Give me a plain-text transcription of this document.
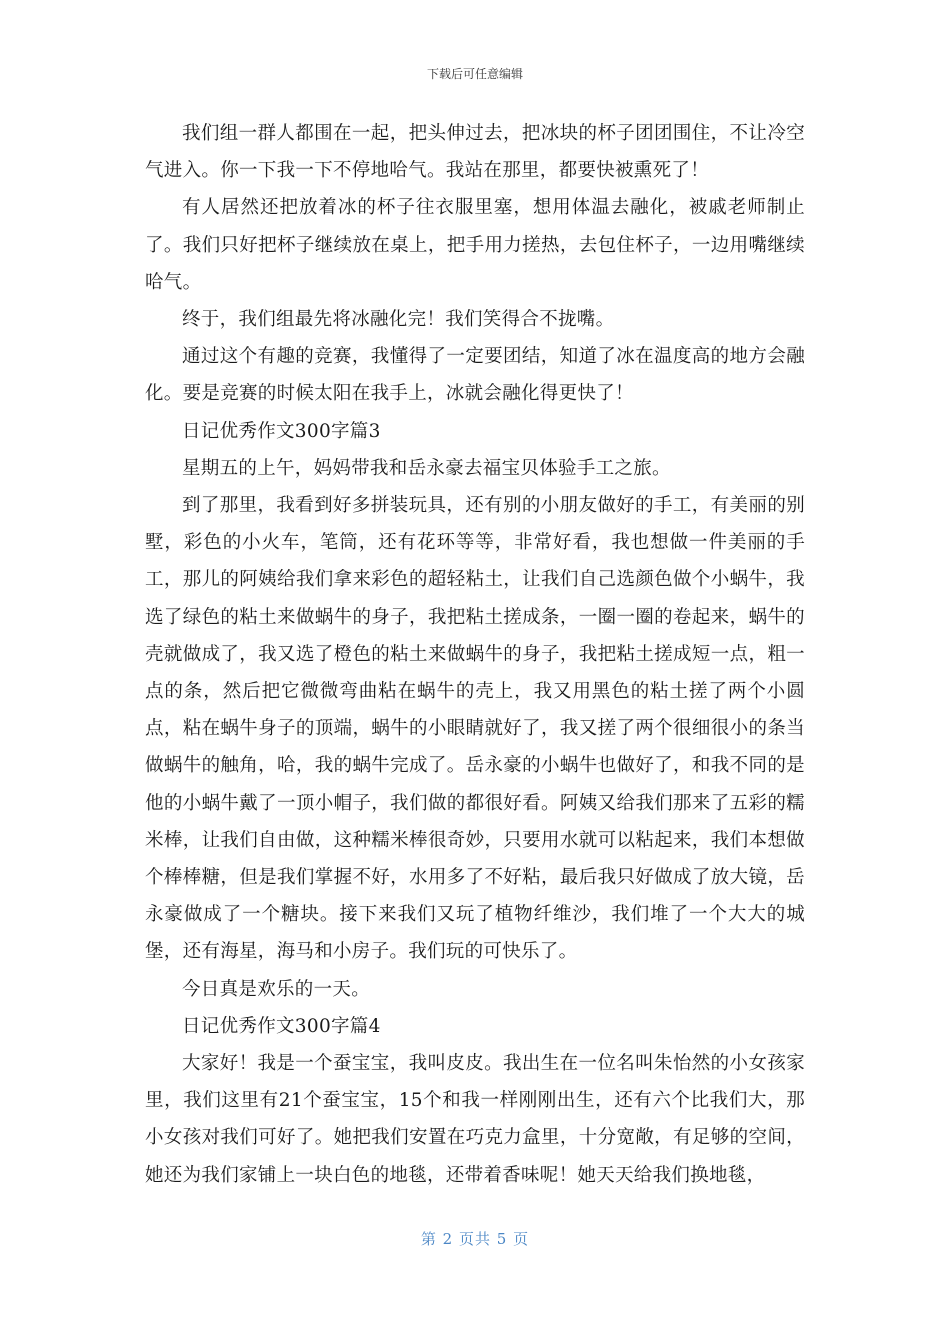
下载后可任意编辑

我们组一群人都围在一起，把头伸过去，把冰块的杯子团团围住，不让冷空气进入。你一下我一下不停地哈气。我站在那里，都要快被熏死了！

有人居然还把放着冰的杯子往衣服里塞，想用体温去融化，被戚老师制止了。我们只好把杯子继续放在桌上，把手用力搓热，去包住杯子，一边用嘴继续哈气。

终于，我们组最先将冰融化完！我们笑得合不拢嘴。

通过这个有趣的竞赛，我懂得了一定要团结，知道了冰在温度高的地方会融化。要是竞赛的时候太阳在我手上，冰就会融化得更快了！

日记优秀作文300字篇3

星期五的上午，妈妈带我和岳永豪去福宝贝体验手工之旅。

到了那里，我看到好多拼装玩具，还有别的小朋友做好的手工，有美丽的别墅，彩色的小火车，笔筒，还有花环等等，非常好看，我也想做一件美丽的手工，那儿的阿姨给我们拿来彩色的超轻粘土，让我们自己选颜色做个小蜗牛，我选了绿色的粘土来做蜗牛的身子，我把粘土搓成条，一圈一圈的卷起来，蜗牛的壳就做成了，我又选了橙色的粘土来做蜗牛的身子，我把粘土搓成短一点，粗一点的条，然后把它微微弯曲粘在蜗牛的壳上，我又用黑色的粘土搓了两个小圆点，粘在蜗牛身子的顶端，蜗牛的小眼睛就好了，我又搓了两个很细很小的条当做蜗牛的触角，哈，我的蜗牛完成了。岳永豪的小蜗牛也做好了，和我不同的是他的小蜗牛戴了一顶小帽子，我们做的都很好看。阿姨又给我们那来了五彩的糯米棒，让我们自由做，这种糯米棒很奇妙，只要用水就可以粘起来，我们本想做个棒棒糖，但是我们掌握不好，水用多了不好粘，最后我只好做成了放大镜，岳永豪做成了一个糖块。接下来我们又玩了植物纤维沙，我们堆了一个大大的城堡，还有海星，海马和小房子。我们玩的可快乐了。

今日真是欢乐的一天。

日记优秀作文300字篇4

大家好！我是一个蚕宝宝，我叫皮皮。我出生在一位名叫朱怡然的小女孩家里，我们这里有21个蚕宝宝，15个和我一样刚刚出生，还有六个比我们大，那小女孩对我们可好了。她把我们安置在巧克力盒里，十分宽敞，有足够的空间，她还为我们家铺上一块白色的地毯，还带着香味呢！她天天给我们换地毯，

第 2 页共 5 页
